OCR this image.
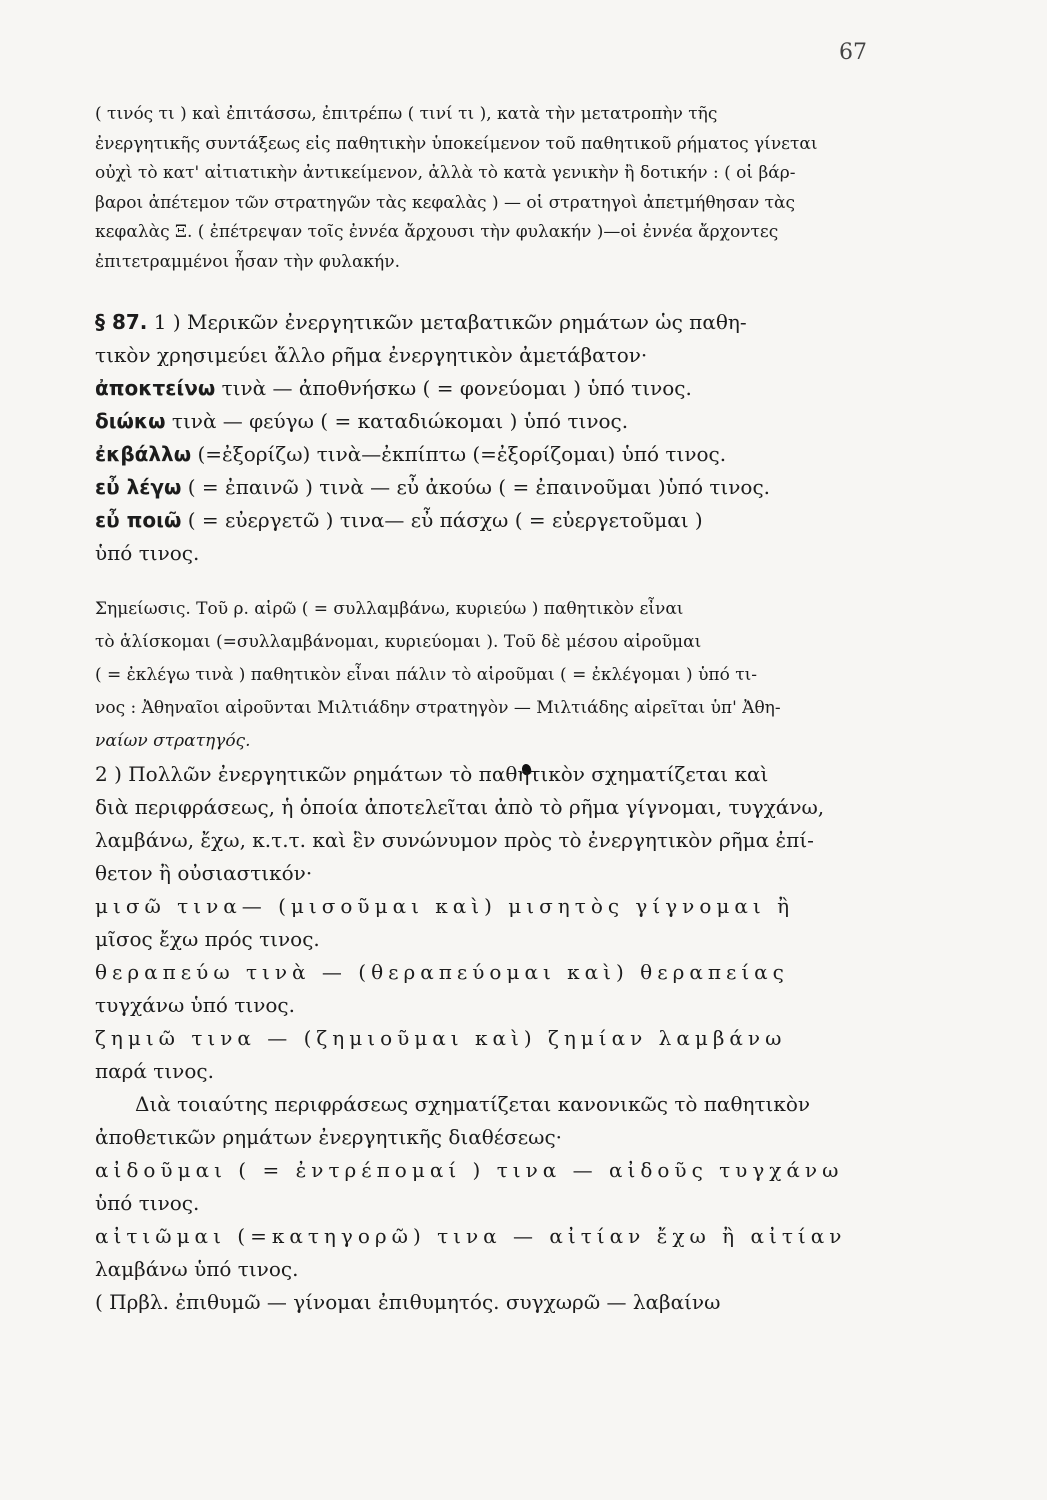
67
( τινός τι ) καὶ ἐπιτάσσω, ἐπιτρέπω ( τινί τι ), κατὰ τὴν μετατροπὴν τῆς
ἐνεργητικῆς συντάξεως εἰς παθητικὴν ὑποκείμενον τοῦ παθητικοῦ ρήματος γίνεται
οὐχὶ τὸ κατ' αἰτιατικὴν ἀντικείμενον, ἀλλὰ τὸ κατὰ γενικὴν ἢ δοτικήν : ( οἱ βάρ-
βαροι ἀπέτεμον τῶν στρατηγῶν τὰς κεφαλὰς ) — οἱ στρατηγοὶ ἀπετμήθησαν τὰς
κεφαλὰς Ξ. ( ἐπέτρεψαν τοῖς ἐννέα ἄρχουσι τὴν φυλακήν )—οἱ ἐννέα ἄρχοντες
ἐπιτετραμμένοι ἦσαν τὴν φυλακήν.
§ 87. 1 ) Μερικῶν ἐνεργητικῶν μεταβατικῶν ρημάτων ὡς παθη-
τικὸν χρησιμεύει ἄλλο ρῆμα ἐνεργητικὸν ἀμετάβατον·
ἀποκτείνω τινὰ — ἀποθνήσκω ( = φονεύομαι ) ὑπό τινος.
διώκω τινὰ — φεύγω ( = καταδιώκομαι ) ὑπό τινος.
ἐκβάλλω (=ἐξορίζω) τινὰ—ἐκπίπτω (=ἐξορίζομαι) ὑπό τινος.
εὖ λέγω ( = ἐπαινῶ ) τινὰ — εὖ ἀκούω ( = ἐπαινοῦμαι )ὑπό τινος.
εὖ ποιῶ ( = εὐεργετῶ ) τινα— εὖ πάσχω ( = εὐεργετοῦμαι )
ὑπό τινος.
Σημείωσις. Τοῦ ρ. αἱρῶ ( = συλλαμβάνω, κυριεύω ) παθητικὸν εἶναι
τὸ ἁλίσκομαι (=συλλαμβάνομαι, κυριεύομαι ). Τοῦ δὲ μέσου αἱροῦμαι
( = ἐκλέγω τινὰ ) παθητικὸν εἶναι πάλιν τὸ αἱροῦμαι ( = ἐκλέγομαι ) ὑπό τι-
νος : Ἀθηναῖοι αἱροῦνται Μιλτιάδην στρατηγὸν — Μιλτιάδης αἱρεῖται ὑπ' Ἀθη-
ναίων στρατηγός.
2 ) Πολλῶν ἐνεργητικῶν ρημάτων τὸ παθητικὸν σχηματίζεται καὶ
διὰ περιφράσεως, ἡ ὁποία ἀποτελεῖται ἀπὸ τὸ ρῆμα γίγνομαι, τυγχάνω,
λαμβάνω, ἔχω, κ.τ.τ. καὶ ἓν συνώνυμον πρὸς τὸ ἐνεργητικὸν ρῆμα ἐπί-
θετον ἢ οὐσιαστικόν·
μισῶ τινα— (μισοῦμαι καὶ) μισητὸς γίγνομαι ἢ
μῖσος ἔχω πρός τινος.
θεραπεύω τινὰ — (θεραπεύομαι καὶ) θεραπείας
τυγχάνω ὑπό τινος.
ζημιῶ τινα — (ζημιοῦμαι καὶ) ζημίαν λαμβάνω
παρά τινος.
Διὰ τοιαύτης περιφράσεως σχηματίζεται κανονικῶς τὸ παθητικὸν
ἀποθετικῶν ρημάτων ἐνεργητικῆς διαθέσεως·
αἰδοῦμαι ( = ἐντρέπομαί ) τινα — αἰδοῦς τυγχάνω
ὑπό τινος.
αἰτιῶμαι (=κατηγορῶ) τινα — αἰτίαν ἔχω ἢ αἰτίαν
λαμβάνω ὑπό τινος.
( Πρβλ. ἐπιθυμῶ — γίνομαι ἐπιθυμητός. συγχωρῶ — λαβαίνω
